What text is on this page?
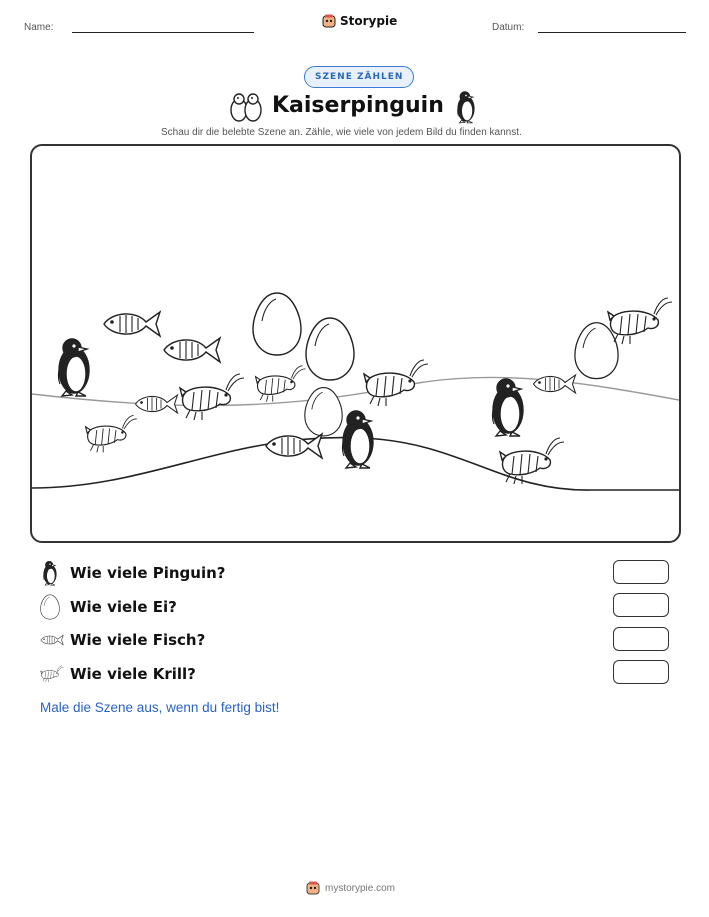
Name:	Storypie	Datum:
SZENE ZÄHLEN
Kaiserpinguin
Schau dir die belebte Szene an. Zähle, wie viele von jedem Bild du finden kannst.
Wie viele Pinguin?
Wie viele Ei?
Wie viele Fisch?
Wie viele Krill?
Male die Szene aus, wenn du fertig bist!
mystorypie.com
